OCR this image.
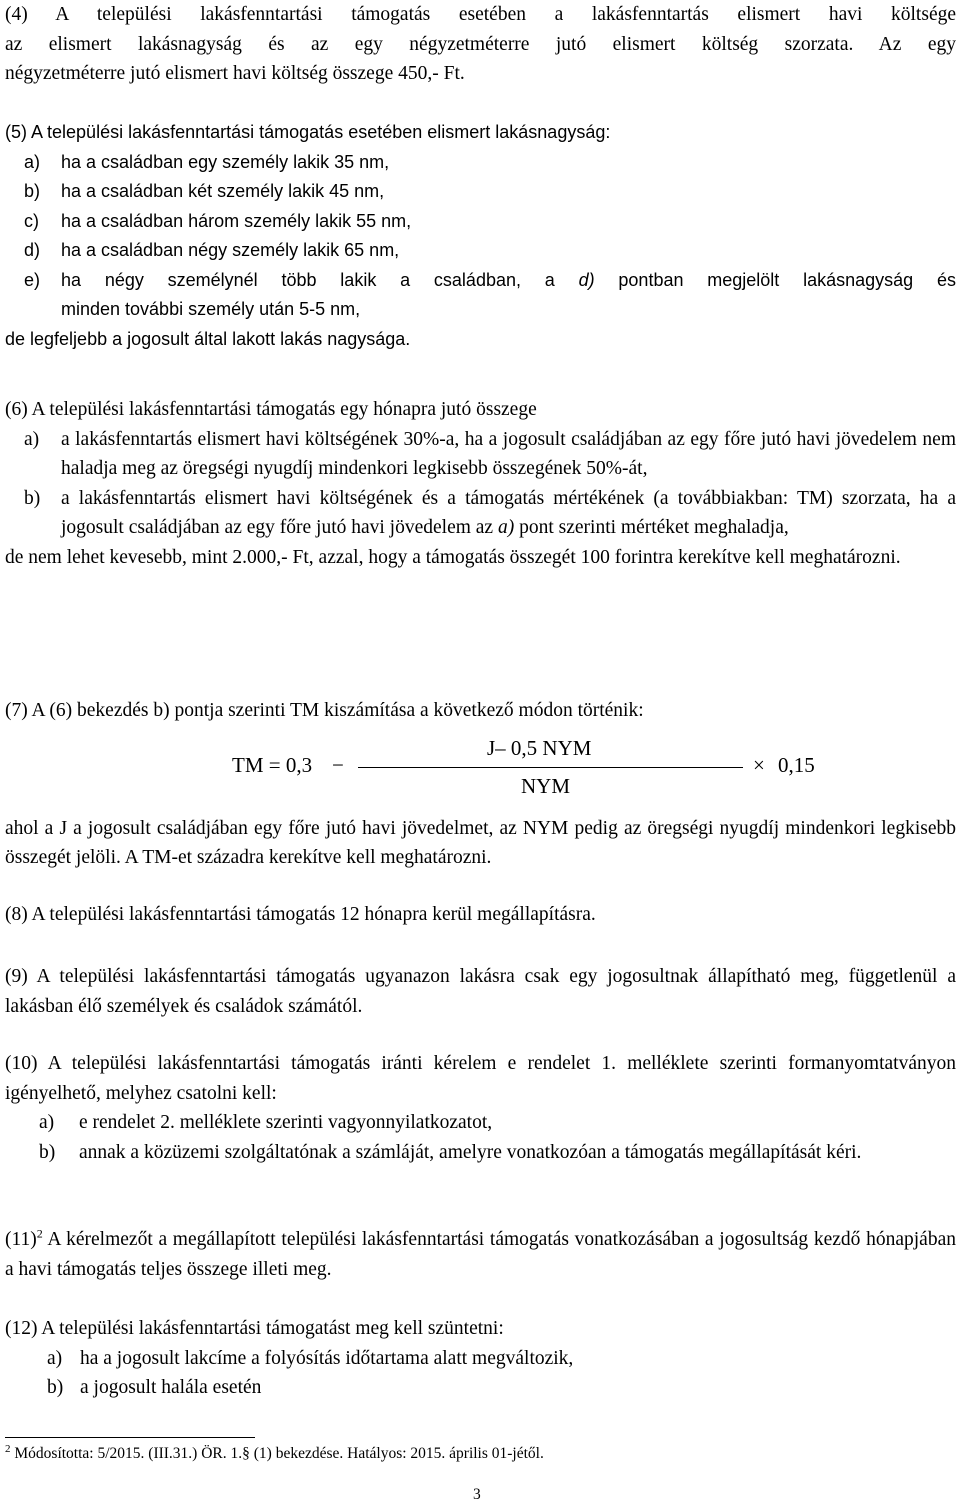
(4) A települési lakásfenntartási támogatás esetében a lakásfenntartás elismert havi költsége
az elismert lakásnagyság és az egy négyzetméterre jutó elismert költség szorzata. Az egy
négyzetméterre jutó elismert havi költség összege 450,- Ft.
(5) A települési lakásfenntartási támogatás esetében elismert lakásnagyság:
a)	ha a családban egy személy lakik 35 nm,
b)	ha a családban két személy lakik 45 nm,
c)	ha a családban három személy lakik 55 nm,
d)	ha a családban négy személy lakik 65 nm,
e)	ha négy személynél több lakik a családban, a d) pontban megjelölt lakásnagyság és
minden további személy után 5-5 nm,
de legfeljebb a jogosult által lakott lakás nagysága.
(6) A települési lakásfenntartási támogatás egy hónapra jutó összege
a)	a lakásfenntartás elismert havi költségének 30%-a, ha a jogosult családjában az egy főre jutó havi jövedelem nem haladja meg az öregségi nyugdíj mindenkori legkisebb összegének 50%-át,
b)	a lakásfenntartás elismert havi költségének és a támogatás mértékének (a továbbiakban: TM) szorzata, ha a jogosult családjában az egy főre jutó havi jövedelem az a) pont szerinti mértéket meghaladja,

de nem lehet kevesebb, mint 2.000,- Ft, azzal, hogy a támogatás összegét 100 forintra kerekítve kell meghatározni.

(7) A (6) bekezdés b) pontja szerinti TM kiszámítása a következő módon történik:
TM = 0,3 −
J– 0,5 NYM
NYM
× 0,15

ahol a J a jogosult családjában egy főre jutó havi jövedelmet, az NYM pedig az öregségi nyugdíj mindenkori legkisebb összegét jelöli. A TM-et századra kerekítve kell meghatározni.

(8) A települési lakásfenntartási támogatás 12 hónapra kerül megállapításra.

(9) A települési lakásfenntartási támogatás ugyanazon lakásra csak egy jogosultnak állapítható meg, függetlenül a lakásban élő személyek és családok számától.

(10) A települési lakásfenntartási támogatás iránti kérelem e rendelet 1. melléklete szerinti formanyomtatványon igényelhető, melyhez csatolni kell:

a)	e rendelet 2. melléklete szerinti vagyonnyilatkozatot,
b)	annak a közüzemi szolgáltatónak a számláját, amelyre vonatkozóan a támogatás megállapítását kéri.

$(11)^2$ A kérelmezőt a megállapított települési lakásfenntartási támogatás vonatkozásában a jogosultság kezdő hónapjában a havi támogatás teljes összege illeti meg.

(12) A települési lakásfenntartási támogatást meg kell szüntetni:
a) ha a jogosult lakcíme a folyósítás időtartama alatt megváltozik,
b) a jogosult halála esetén
$^2$ Módosította: 5/2015. (III.31.) ÖR. 1.§ (1) bekezdése. Hatályos: 2015. április 01-jétől.
3
